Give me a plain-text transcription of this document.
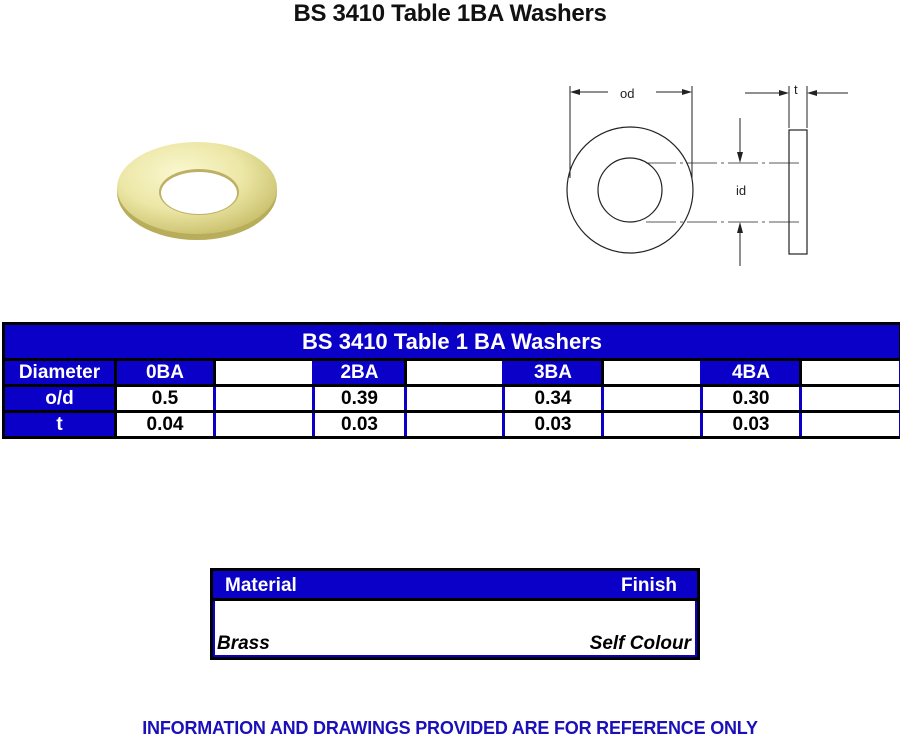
BS 3410 Table 1BA Washers
od
id
t
BS 3410 Table 1 BA Washers								
Diameter	0BA		2BA		3BA		4BA	
o/d	0.5		0.39		0.34		0.30	
t	0.04		0.03		0.03		0.03	
Material	Finish
Brass	Self Colour
INFORMATION AND DRAWINGS PROVIDED ARE FOR REFERENCE ONLY
